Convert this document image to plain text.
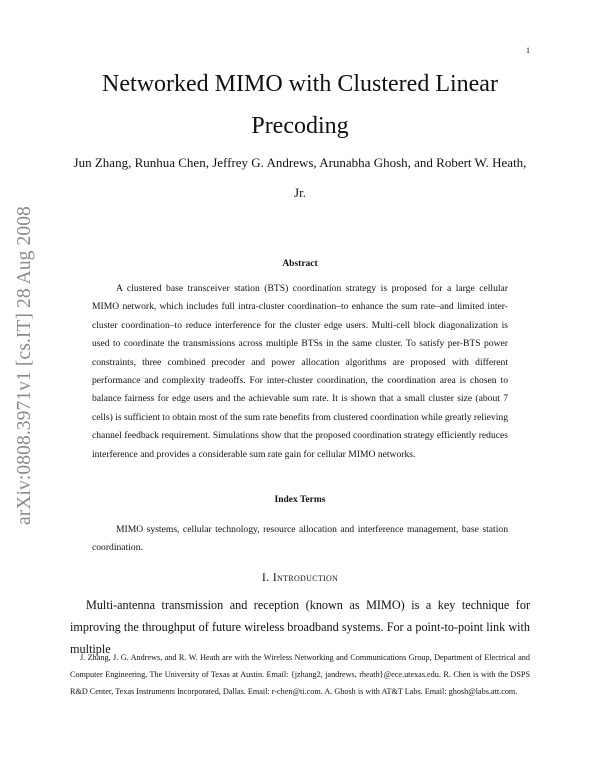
1
arXiv:0808.3971v1 [cs.IT] 28 Aug 2008
Networked MIMO with Clustered Linear Precoding

Jun Zhang, Runhua Chen, Jeffrey G. Andrews, Arunabha Ghosh, and Robert W. Heath, Jr.

Abstract

A clustered base transceiver station (BTS) coordination strategy is proposed for a large cellular MIMO network, which includes full intra-cluster coordination–to enhance the sum rate–and limited inter-cluster coordination–to reduce interference for the cluster edge users. Multi-cell block diagonalization is used to coordinate the transmissions across multiple BTSs in the same cluster. To satisfy per-BTS power constraints, three combined precoder and power allocation algorithms are proposed with different performance and complexity tradeoffs. For inter-cluster coordination, the coordination area is chosen to balance fairness for edge users and the achievable sum rate. It is shown that a small cluster size (about 7 cells) is sufficient to obtain most of the sum rate benefits from clustered coordination while greatly relieving channel feedback requirement. Simulations show that the proposed coordination strategy efficiently reduces interference and provides a considerable sum rate gain for cellular MIMO networks.

Index Terms

MIMO systems, cellular technology, resource allocation and interference management, base station coordination.

I. Introduction

Multi-antenna transmission and reception (known as MIMO) is a key technique for improving the throughput of future wireless broadband systems. For a point-to-point link with multiple

J. Zhang, J. G. Andrews, and R. W. Heath are with the Wireless Networking and Communications Group, Department of Electrical and Computer Engineering, The University of Texas at Austin. Email: {jzhang2, jandrews, rheath}@ece.utexas.edu. R. Chen is with the DSPS R&D Center, Texas Instruments Incorporated, Dallas. Email: r-chen@ti.com. A. Ghosh is with AT&T Labs. Email: ghosh@labs.att.com.
